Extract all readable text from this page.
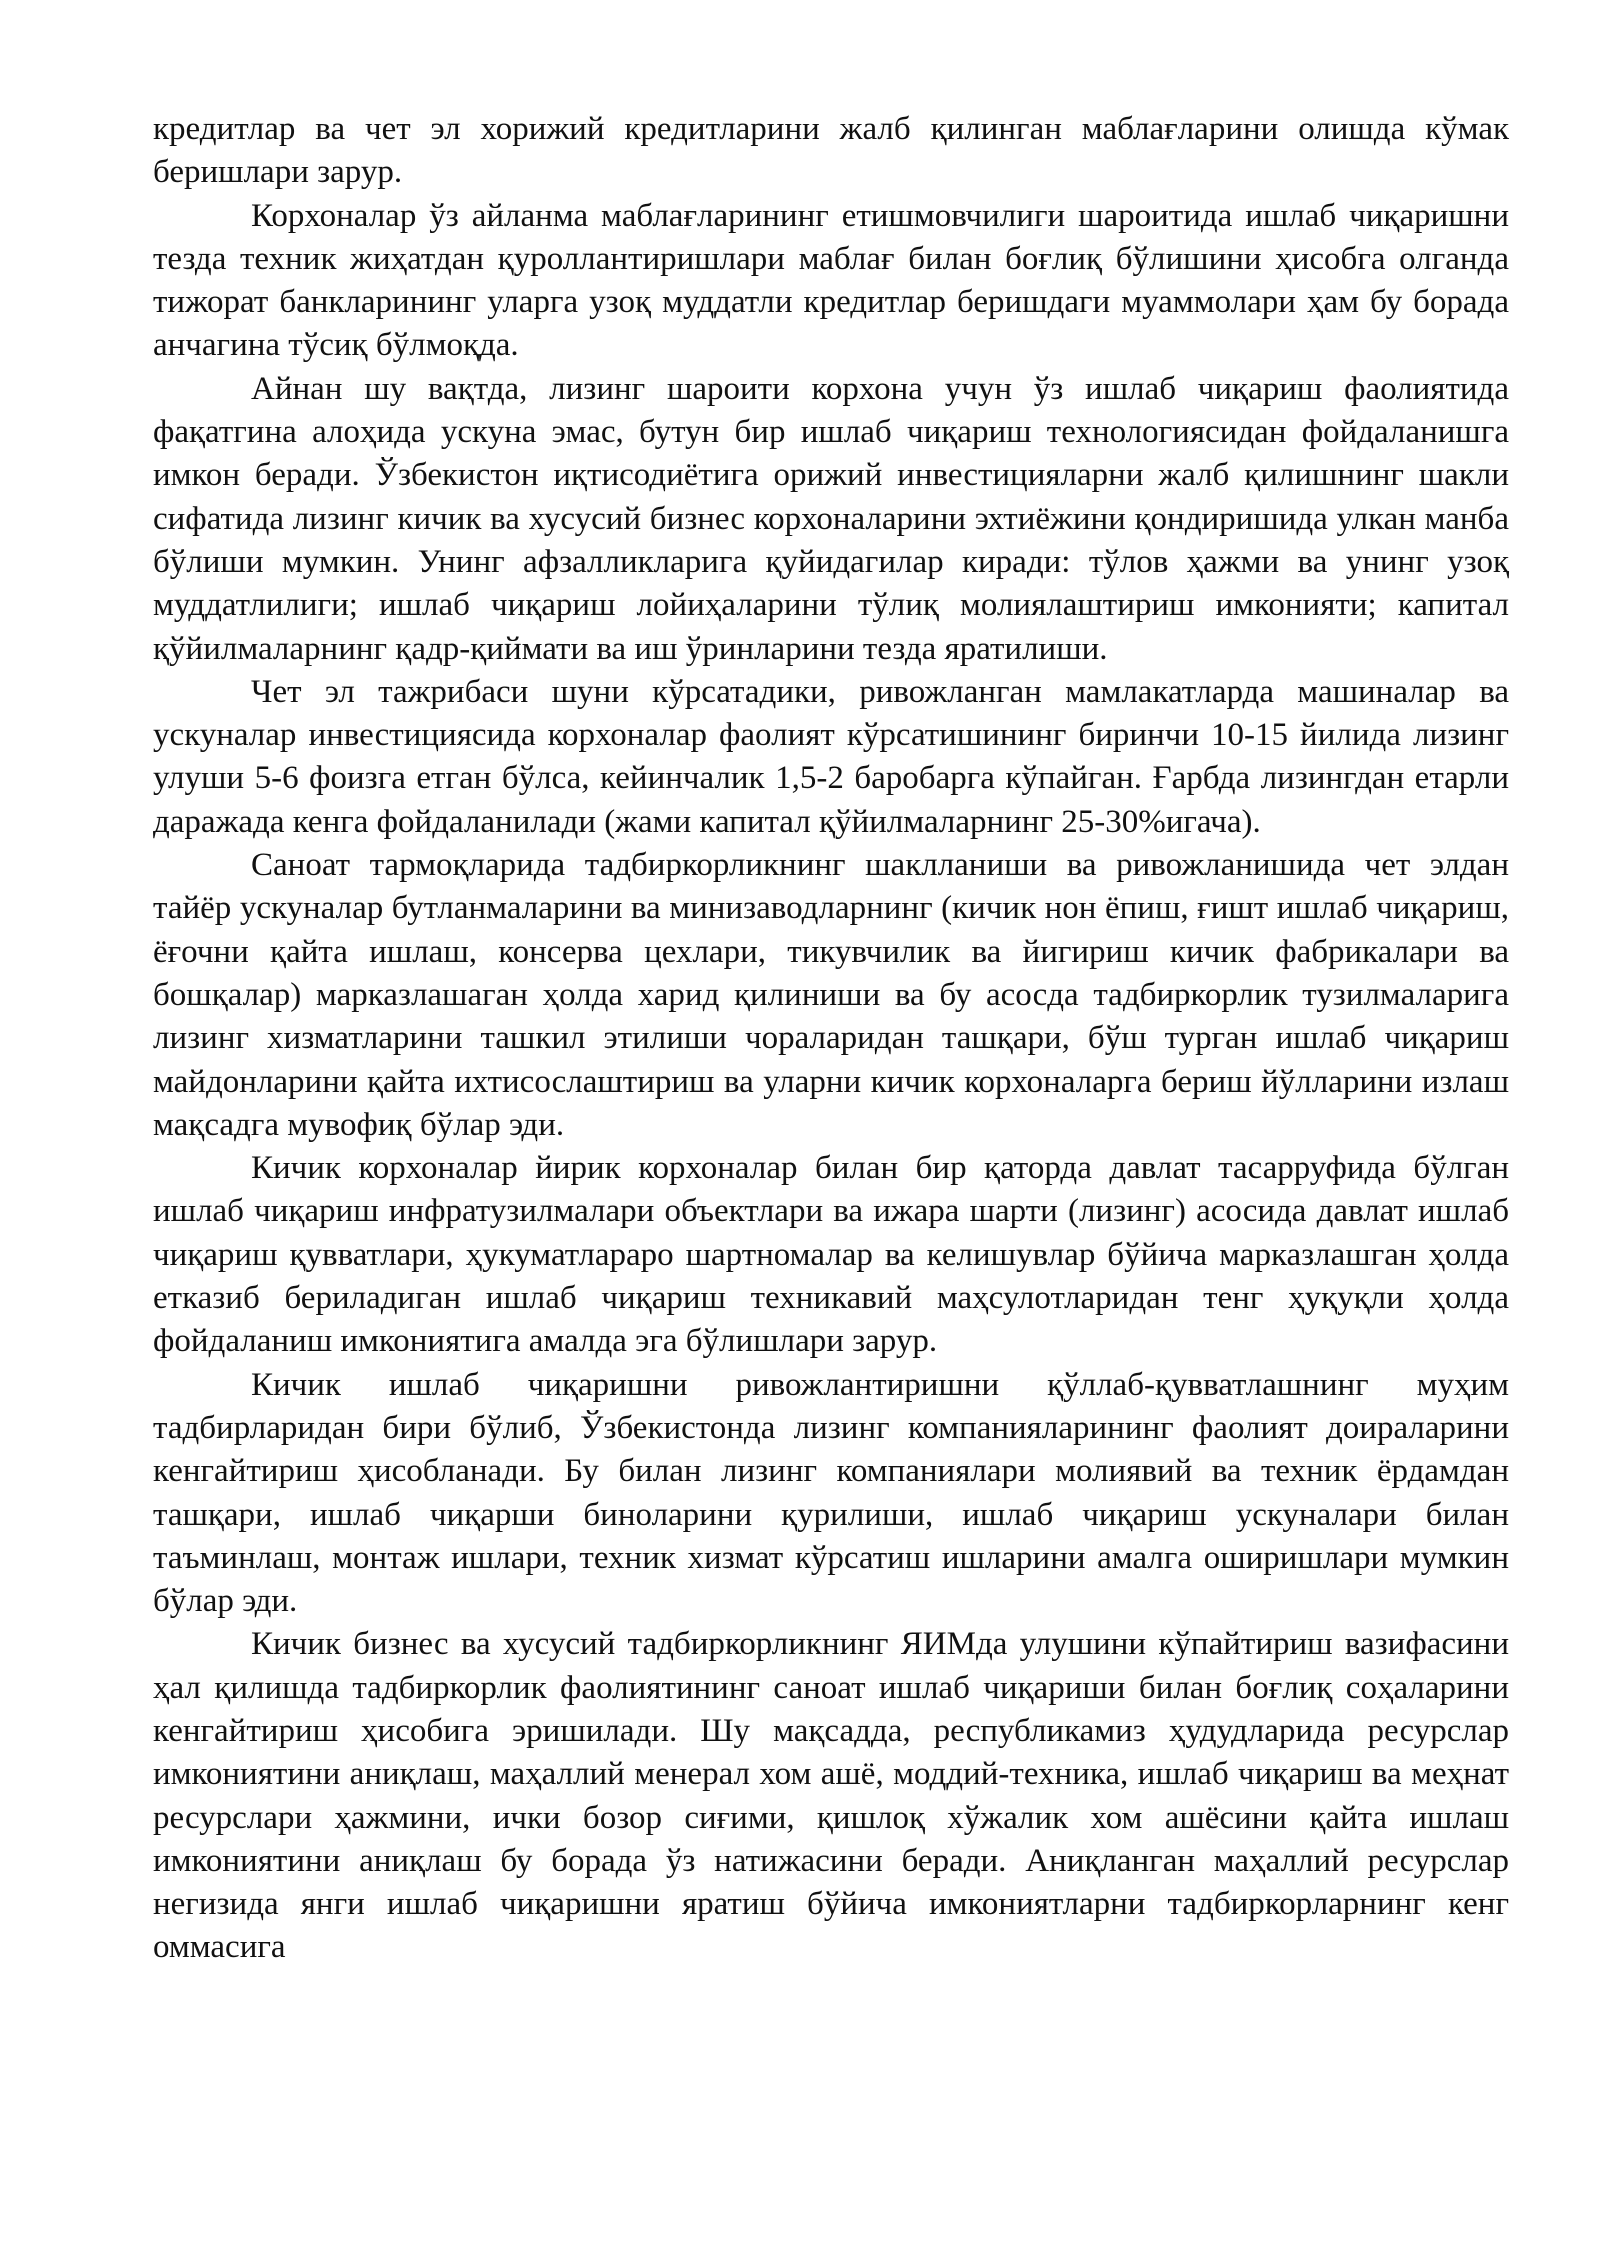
кредитлар ва чет эл хорижий кредитларини жалб қилинган маблағларини олишда кўмак беришлари зарур.

Корхоналар ўз айланма маблағларининг етишмовчилиги шароитида ишлаб чиқаришни тезда техник жиҳатдан қуроллантиришлари маблағ билан боғлиқ бўлишини ҳисобга олганда тижорат банкларининг уларга узоқ муддатли кредитлар беришдаги муаммолари ҳам бу борада анчагина тўсиқ бўлмоқда.

Айнан шу вақтда, лизинг шароити корхона учун ўз ишлаб чиқариш фаолиятида фақатгина алоҳида ускуна эмас, бутун бир ишлаб чиқариш технологиясидан фойдаланишга имкон беради. Ўзбекистон иқтисодиётига орижий инвестицияларни жалб қилишнинг шакли сифатида лизинг кичик ва хусусий бизнес корхоналарини эхтиёжини қондиришида улкан манба бўлиши мумкин. Унинг афзалликларига қуйидагилар киради: тўлов ҳажми ва унинг узоқ муддатлилиги; ишлаб чиқариш лойиҳаларини тўлиқ молиялаштириш имконияти; капитал қўйилмаларнинг қадр-қиймати ва иш ўринларини тезда яратилиши.

Чет эл тажрибаси шуни кўрсатадики, ривожланган мамлакатларда машиналар ва ускуналар инвестициясида корхоналар фаолият кўрсатишининг биринчи 10-15 йилида лизинг улуши 5-6 фоизга етган бўлса, кейинчалик 1,5-2 баробарга кўпайган. Ғарбда лизингдан етарли даражада кенга фойдаланилади (жами капитал қўйилмаларнинг 25-30%игача).

Саноат тармоқларида тадбиркорликнинг шаклланиши ва ривожланишида чет элдан тайёр ускуналар бутланмаларини ва минизаводларнинг (кичик нон ёпиш, ғишт ишлаб чиқариш, ёғочни қайта ишлаш, консерва цехлари, тикувчилик ва йигириш кичик фабрикалари ва бошқалар) марказлашаган ҳолда харид қилиниши ва бу асосда тадбиркорлик тузилмаларига лизинг хизматларини ташкил этилиши чораларидан ташқари, бўш турган ишлаб чиқариш майдонларини қайта ихтисослаштириш ва уларни кичик корхоналарга бериш йўлларини излаш мақсадга мувофиқ бўлар эди.

Кичик корхоналар йирик корхоналар билан бир қаторда давлат тасарруфида бўлган ишлаб чиқариш инфратузилмалари объектлари ва ижара шарти (лизинг) асосида давлат ишлаб чиқариш қувватлари, ҳукуматлараро шартномалар ва келишувлар бўйича марказлашган ҳолда етказиб бериладиган ишлаб чиқариш техникавий маҳсулотларидан тенг ҳуқуқли ҳолда фойдаланиш имкониятига амалда эга бўлишлари зарур.

Кичик ишлаб чиқаришни ривожлантиришни қўллаб-қувватлашнинг муҳим тадбирларидан бири бўлиб, Ўзбекистонда лизинг компанияларининг фаолият доираларини кенгайтириш ҳисобланади. Бу билан лизинг компаниялари молиявий ва техник ёрдамдан ташқари, ишлаб чиқарши биноларини қурилиши, ишлаб чиқариш ускуналари билан таъминлаш, монтаж ишлари, техник хизмат кўрсатиш ишларини амалга оширишлари мумкин бўлар эди.

Кичик бизнес ва хусусий тадбиркорликнинг ЯИМда улушини кўпайтириш вазифасини ҳал қилишда тадбиркорлик фаолиятининг саноат ишлаб чиқариши билан боғлиқ соҳаларини кенгайтириш ҳисобига эришилади. Шу мақсадда, республикамиз ҳудудларида ресурслар имкониятини аниқлаш, маҳаллий менерал хом ашё, моддий-техника, ишлаб чиқариш ва меҳнат ресурслари ҳажмини, ички бозор сиғими, қишлоқ хўжалик хом ашёсини қайта ишлаш имкониятини аниқлаш бу борада ўз натижасини беради. Аниқланган маҳаллий ресурслар негизида янги ишлаб чиқаришни яратиш бўйича имкониятларни тадбиркорларнинг кенг оммасига
